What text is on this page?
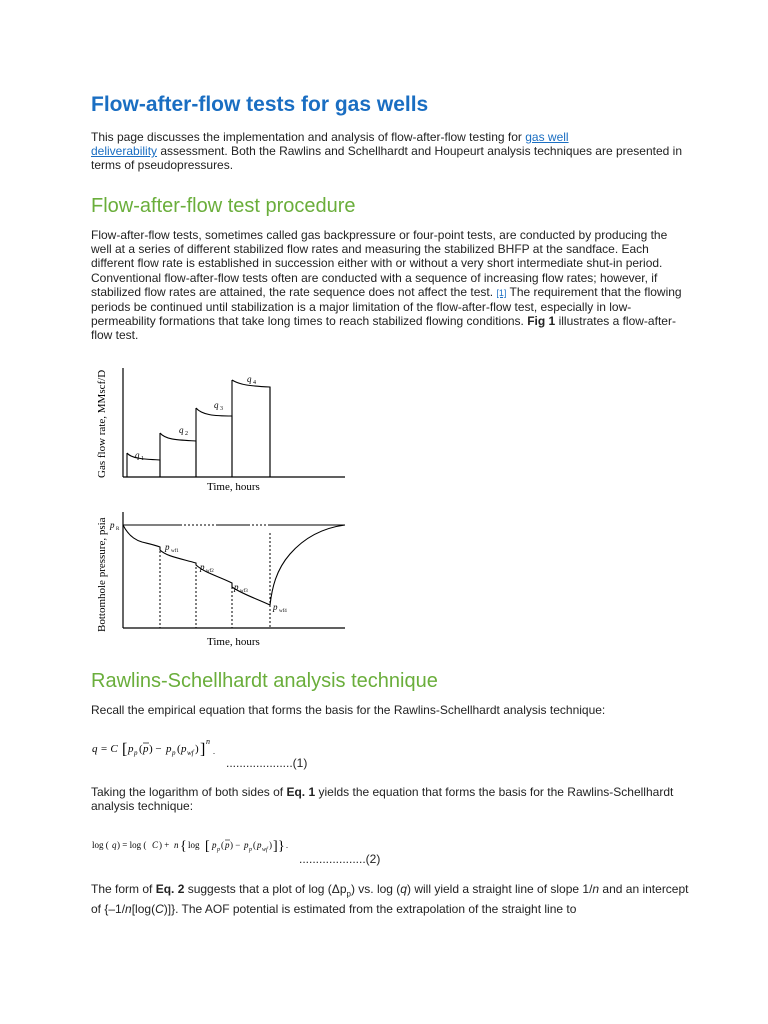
Flow-after-flow tests for gas wells

This page discusses the implementation and analysis of flow-after-flow testing for gas well
deliverability assessment. Both the Rawlins and Schellhardt and Houpeurt analysis techniques are presented in terms of pseudopressures.

Flow-after-flow test procedure

Flow-after-flow tests, sometimes called gas backpressure or four-point tests, are conducted by producing the well at a series of different stabilized flow rates and measuring the stabilized BHFP at the sandface. Each different flow rate is established in succession either with or without a very short intermediate shut-in period. Conventional flow-after-flow tests often are conducted with a sequence of increasing flow rates; however, if stabilized flow rates are attained, the rate sequence does not affect the test. [1] The requirement that the flowing periods be continued until stabilization is a major limitation of the flow-after-flow test, especially in low-permeability formations that take long times to reach stabilized flowing conditions. Fig 1 illustrates a flow-after-flow test.

q 1
q 2
q 3
q 4
Time, hours
Gas flow rate, MMscf/D
p R
p wf1
p wf2
p wf3
p wf4
Time, hours
Bottomhole pressure, psia
Rawlins-Schellhardt analysis technique

Recall the empirical equation that forms the basis for the Rawlins-Schellhardt analysis technique:

q = C [ p p ( p ) − p p ( p wf ) ] n
.
....................(1)

Taking the logarithm of both sides of Eq. 1 yields the equation that forms the basis for the Rawlins-Schellhardt analysis technique:

log ( q ) = log ( C ) + n { log [ p p ( p ) − p p ( p wf ) ] } .
....................(2)

The form of Eq. 2 suggests that a plot of $\log (\Delta p_p)$ vs. log (q) will yield a straight line of slope 1/n and an intercept of {–1/n[log(C)]}. The AOF potential is estimated from the extrapolation of the straight line to
